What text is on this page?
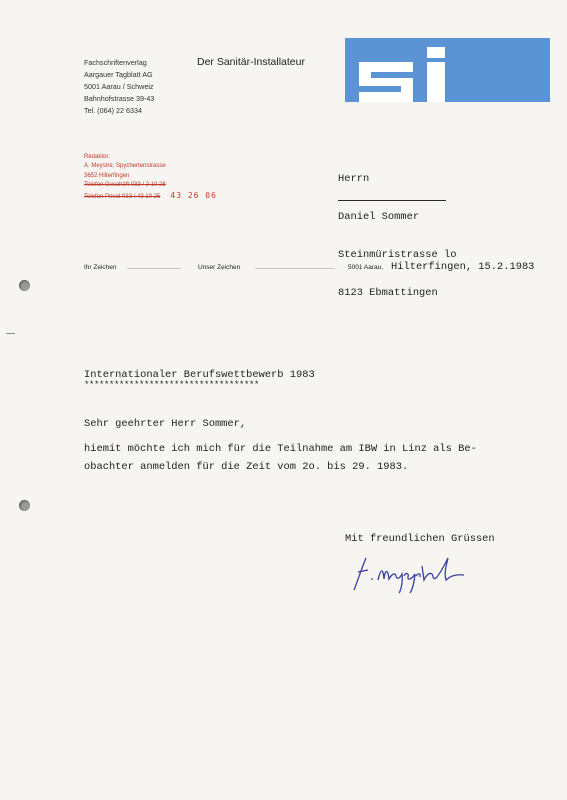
Fachschriftenverlag
Aargauer Tagblatt AG
5001 Aarau / Schweiz
Bahnhofstrasse 39-43
Tel. (064) 22 6334
Der Sanitär-Installateur
Redaktor:
A. Meystre, Spychertenstrasse
3652 Hilterfingen
Telefon Geschäft 033 / 2 10 28
Telefon Privat 033 / 43 10 25 43 26 06

Herrn

Daniel Sommer

Steinmüristrasse lo

8123 Ebmattingen

Ihr Zeichen	Unser Zeichen	5001 Aarau, Hilterfingen, 15.2.1983
Internationaler Berufswettbewerb 1983
***********************************
Sehr geehrter Herr Sommer,
hiemit möchte ich mich für die Teilnahme am IBW in Linz als Be-
obachter anmelden für die Zeit vom 2o. bis 29. 1983.
Mit freundlichen Grüssen
